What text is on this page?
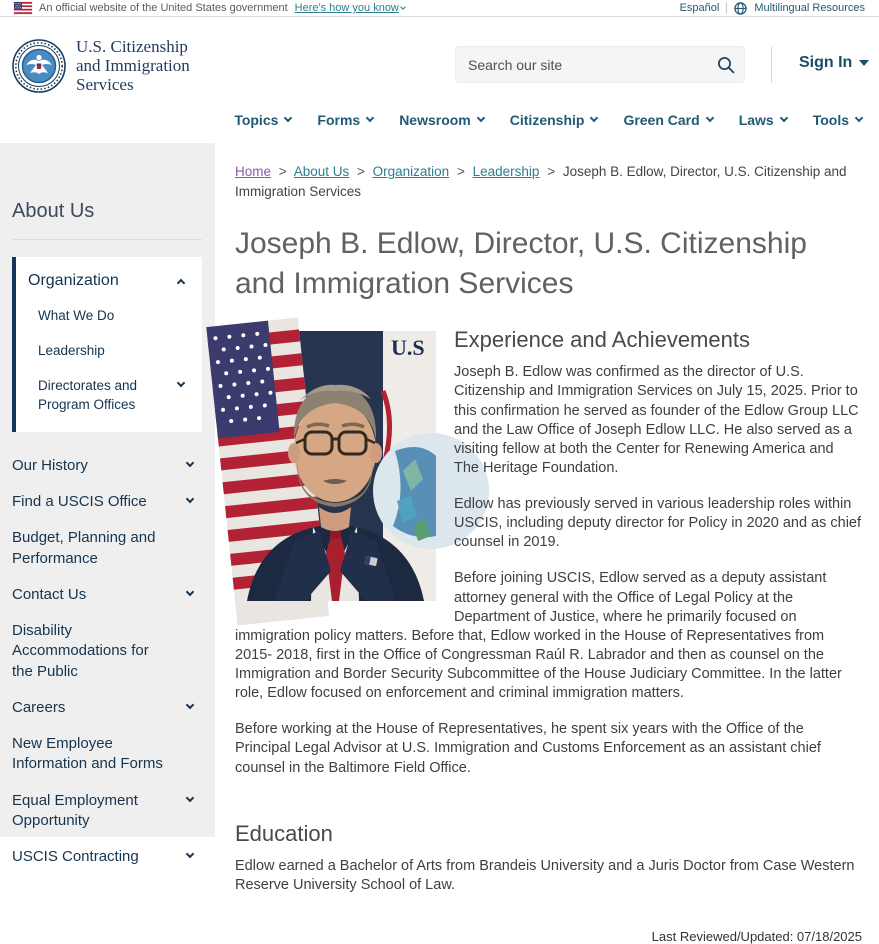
An official website of the United States government Here's how you know	Español	Multilingual Resources
U.S. Citizenship
and Immigration
Services
Search our site
Sign In
Topics	Forms	Newsroom	Citizenship	Green Card	Laws	Tools
About Us
Organization
What We Do
Leadership
Directorates and Program Offices
Our History
Find a USCIS Office
Budget, Planning and Performance
Contact Us
Disability Accommodations for the Public
Careers
New Employee Information and Forms
Equal Employment Opportunity
USCIS Contracting
Home > About Us > Organization > Leadership > Joseph B. Edlow, Director, U.S. Citizenship and Immigration Services
Joseph B. Edlow, Director, U.S. Citizenship and Immigration Services
U.S	Experience and Achievements

Joseph B. Edlow was confirmed as the director of U.S. Citizenship and Immigration Services on July 15, 2025. Prior to this confirmation he served as founder of the Edlow Group LLC and the Law Office of Joseph Edlow LLC. He also served as a visiting fellow at both the Center for Renewing America and The Heritage Foundation.

Edlow has previously served in various leadership roles within USCIS, including deputy director for Policy in 2020 and as chief counsel in 2019.

Before joining USCIS, Edlow served as a deputy assistant attorney general with the Office of Legal Policy at the Department of Justice, where he primarily focused on immigration policy matters. Before that, Edlow worked in the House of Representatives from 2015- 2018, first in the Office of Congressman Raúl R. Labrador and then as counsel on the Immigration and Border Security Subcommittee of the House Judiciary Committee. In the latter role, Edlow focused on enforcement and criminal immigration matters.

Before working at the House of Representatives, he spent six years with the Office of the Principal Legal Advisor at U.S. Immigration and Customs Enforcement as an assistant chief counsel in the Baltimore Field Office.

Education

Edlow earned a Bachelor of Arts from Brandeis University and a Juris Doctor from Case Western Reserve University School of Law.

Last Reviewed/Updated: 07/18/2025
